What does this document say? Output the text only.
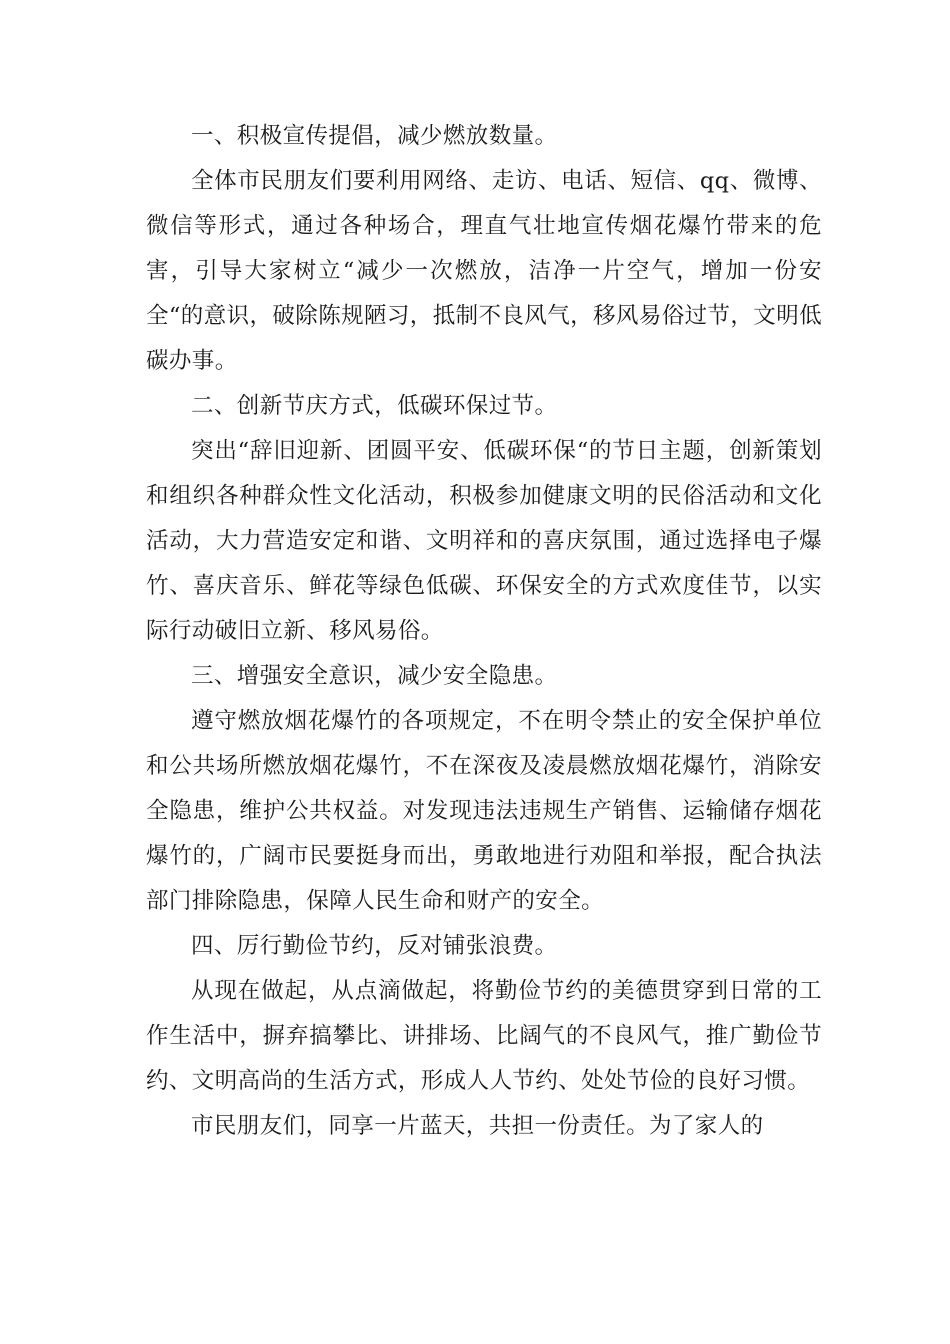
一、积极宣传提倡，减少燃放数量。

全体市民朋友们要利用网络、走访、电话、短信、qq、微博、微信等形式，通过各种场合，理直气壮地宣传烟花爆竹带来的危害，引导大家树立“减少一次燃放，洁净一片空气，增加一份安全“的意识，破除陈规陋习，抵制不良风气，移风易俗过节，文明低碳办事。

二、创新节庆方式，低碳环保过节。

突出“辞旧迎新、团圆平安、低碳环保“的节日主题，创新策划和组织各种群众性文化活动，积极参加健康文明的民俗活动和文化活动，大力营造安定和谐、文明祥和的喜庆氛围，通过选择电子爆竹、喜庆音乐、鲜花等绿色低碳、环保安全的方式欢度佳节，以实际行动破旧立新、移风易俗。

三、增强安全意识，减少安全隐患。

遵守燃放烟花爆竹的各项规定，不在明令禁止的安全保护单位和公共场所燃放烟花爆竹，不在深夜及凌晨燃放烟花爆竹，消除安全隐患，维护公共权益。对发现违法违规生产销售、运输储存烟花爆竹的，广阔市民要挺身而出，勇敢地进行劝阻和举报，配合执法部门排除隐患，保障人民生命和财产的安全。

四、厉行勤俭节约，反对铺张浪费。

从现在做起，从点滴做起，将勤俭节约的美德贯穿到日常的工作生活中，摒弃搞攀比、讲排场、比阔气的不良风气，推广勤俭节约、文明高尚的生活方式，形成人人节约、处处节俭的良好习惯。

市民朋友们，同享一片蓝天，共担一份责任。为了家人的
